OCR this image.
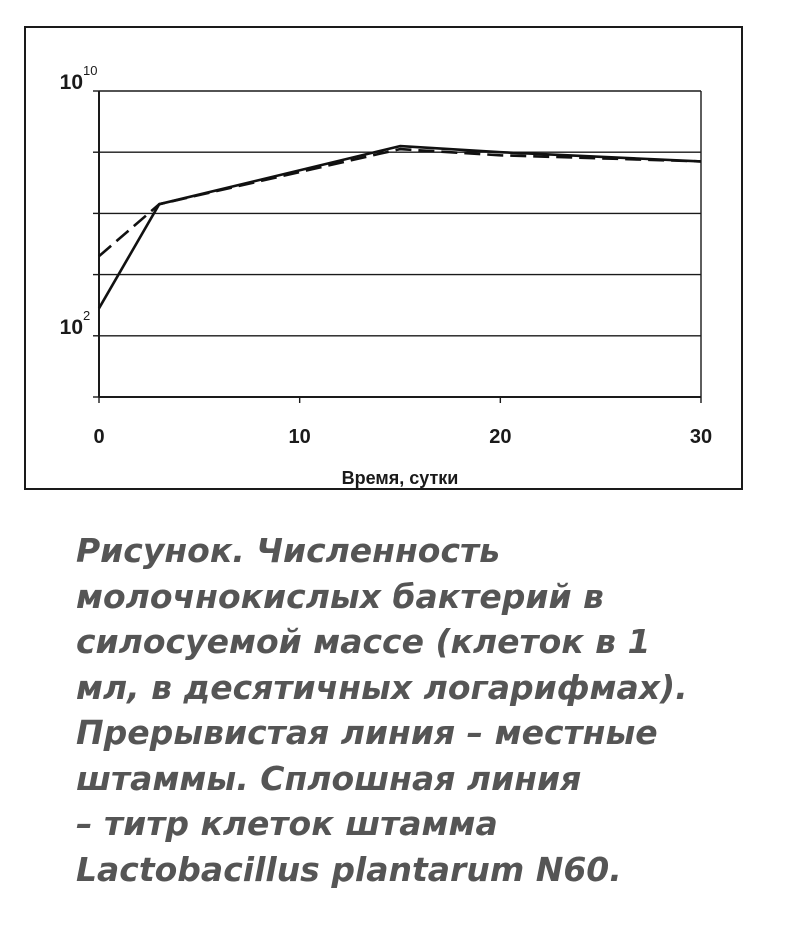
10
10
10
2
0	10	20	30
Время, сутки
Рисунок. Численность
молочнокислых бактерий в
силосуемой массе (клеток в 1
мл, в десятичных логарифмах).
Прерывистая линия – местные
штаммы. Сплошная линия
– титр клеток штамма
Lactobacillus plantarum N60.
